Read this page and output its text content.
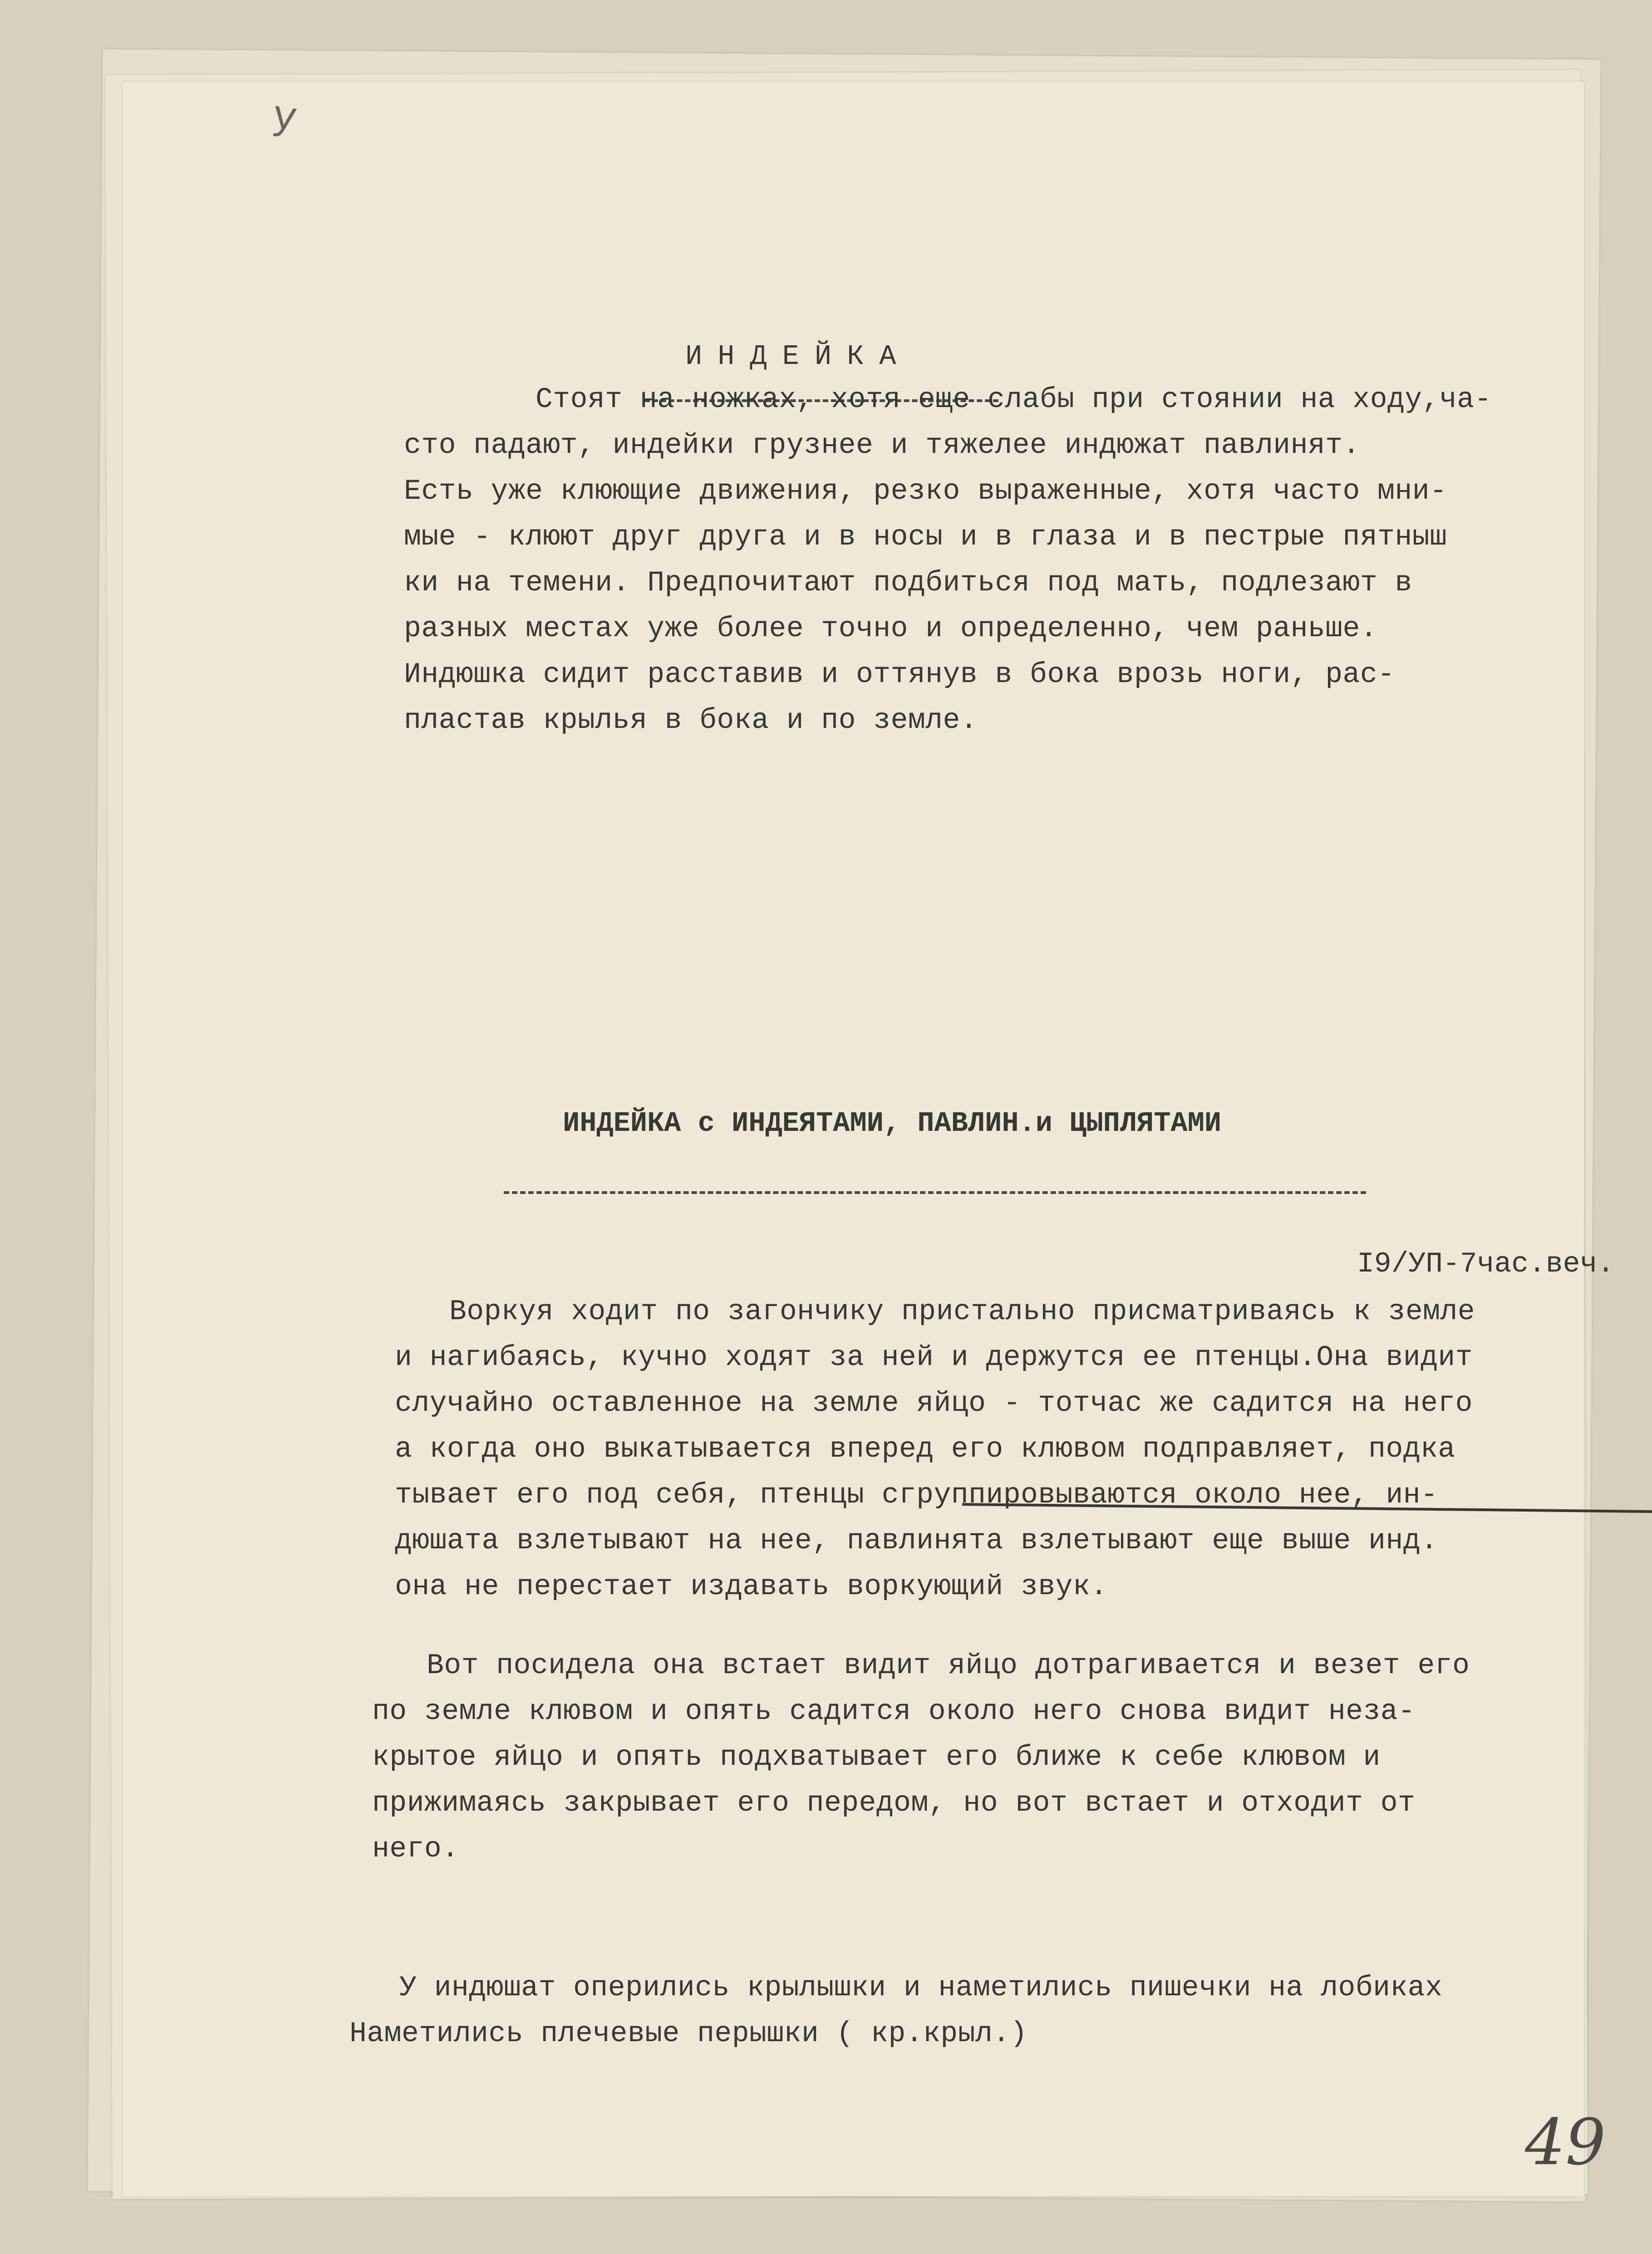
у
ИНДЕЙКА
Стоят на ножках, хотя еще слабы при стоянии на ходу,ча-
сто падают, индейки грузнее и тяжелее индюжат павлинят.
Есть уже клюющие движения, резко выраженные, хотя часто мни-
мые - клюют друг друга и в носы и в глаза и в пестрые пятныш
ки на темени. Предпочитают подбиться под мать, подлезают в
разных местах уже более точно и определенно, чем раньше.
Индюшка сидит расставив и оттянув в бока врозь ноги, рас-
пластав крылья в бока и по земле.
ИНДЕЙКА с ИНДЕЯТАМИ, ПАВЛИН.и ЦЫПЛЯТАМИ
I9/УП-7час.веч.
Воркуя ходит по загончику пристально присматриваясь к земле
и нагибаясь, кучно ходят за ней и держутся ее птенцы.Она видит
случайно оставленное на земле яйцо - тотчас же садится на него
а когда оно выкатывается вперед его клювом подправляет, подка
тывает его под себя, птенцы сгруппировываются около нее, ин-
дюшата взлетывают на нее, павлинята взлетывают еще выше инд.
она не перестает издавать воркующий звук.
Вот посидела она встает видит яйцо дотрагивается и везет его
по земле клювом и опять садится около него снова видит неза-
крытое яйцо и опять подхватывает его ближе к себе клювом и
прижимаясь закрывает его передом, но вот встает и отходит от
него.
У индюшат оперились крылышки и наметились пишечки на лобиках
Наметились плечевые перышки ( кр.крыл.)
49
